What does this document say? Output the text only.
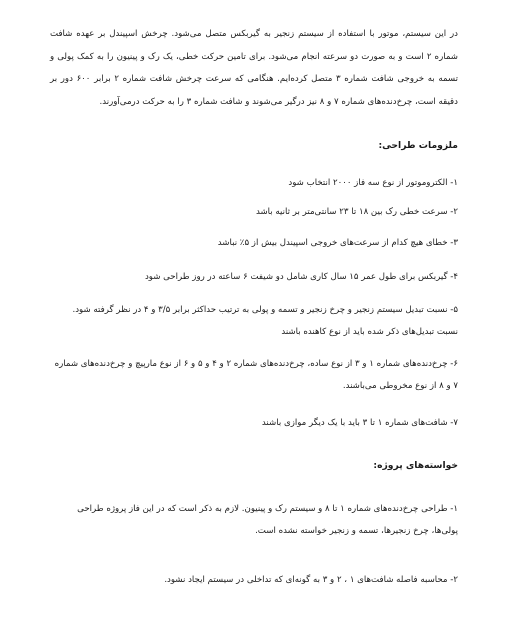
در این سیستم، موتور با استفاده از سیستم زنجیر به گیربکس متصل می‌شود. چرخش اسپیندل بر عهده شافت شماره ۲ است و به صورت دو سرعته انجام می‌شود. برای تامین حرکت خطی، یک رک و پینیون را به کمک پولی و تسمه به خروجی شافت شماره ۳ متصل کرده‌ایم. هنگامی که سرعت چرخش شافت شماره ۲ برابر ۶۰۰ دور بر دقیقه است، چرخ‌دنده‌های شماره ۷ و ۸ نیز درگیر می‌شوند و شافت شماره ۳ را به حرکت درمی‌آورند.

ملزومات طراحی:

۱- الکتروموتور از نوع سه فاز ۲۰۰۰ انتخاب شود

۲- سرعت خطی رک بین ۱۸ تا ۲۳ سانتی‌متر بر ثانیه باشد

۳- خطای هیچ کدام از سرعت‌های خروجی اسپیندل بیش از ۵٪ نباشد

۴- گیربکس برای طول عمر ۱۵ سال کاری شامل دو شیفت ۶ ساعته در روز طراحی شود

۵- نسبت تبدیل سیستم زنجیر و چرخ زنجیر و تسمه و پولی به ترتیب حداکثر برابر ۳/۵ و ۴ در نظر گرفته شود. نسبت تبدیل‌های ذکر شده باید از نوع کاهنده باشند

۶- چرخ‌دنده‌های شماره ۱ و ۳ از نوع ساده، چرخ‌دنده‌های شماره ۲ و ۴ و ۵ و ۶ از نوع مارپیچ و چرخ‌دنده‌های شماره ۷ و ۸ از نوع مخروطی می‌باشند.

۷- شافت‌های شماره ۱ تا ۳ باید با یک دیگر موازی باشند

خواسته‌های پروژه:

۱- طراحی چرخ‌دنده‌های شماره ۱ تا ۸ و سیستم رک و پینیون. لازم به ذکر است که در این فاز پروژه طراحی پولی‌ها، چرخ زنجیرها، تسمه و زنجیر خواسته نشده است.

۲- محاسبه فاصله شافت‌های ۱ ، ۲ و ۳ به گونه‌ای که تداخلی در سیستم ایجاد نشود.
